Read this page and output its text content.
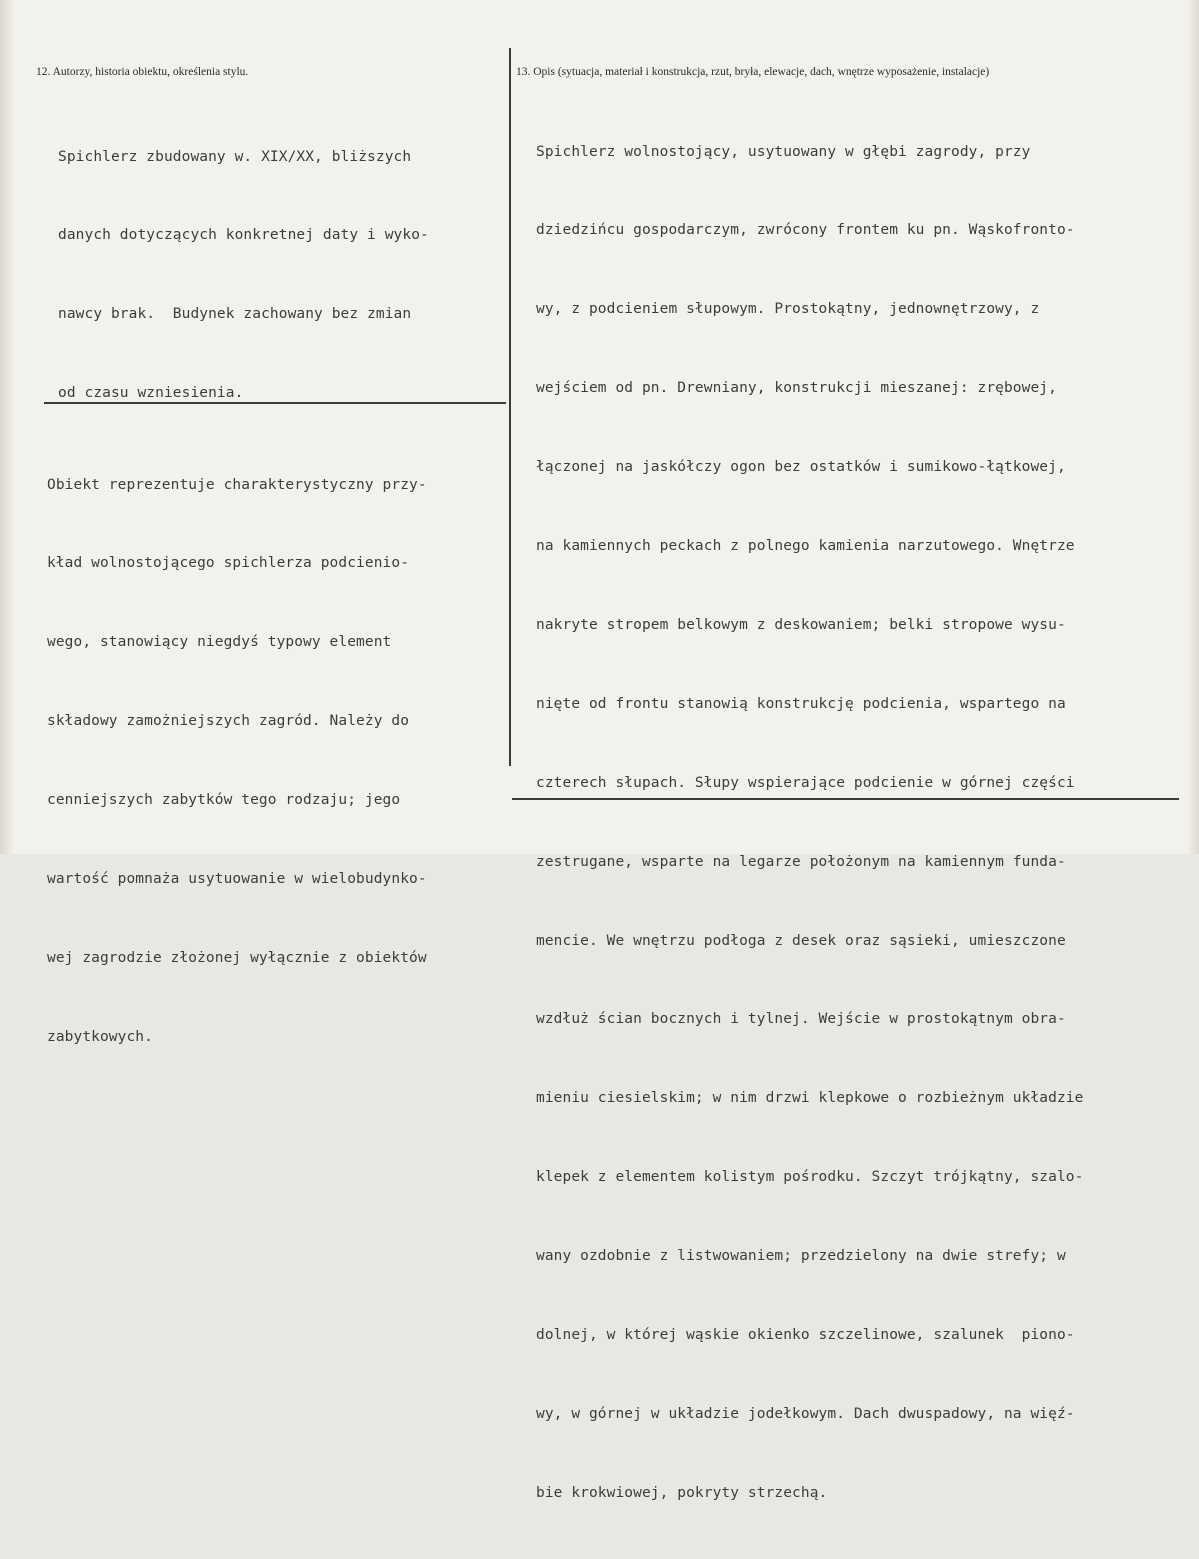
12. Autorzy, historia obiektu, określenia stylu.	13. Opis (sytuacja, materiał i konstrukcja, rzut, bryła, elewacje, dach, wnętrze wyposażenie, instalacje)

Spichlerz zbudowany w. XIX/XX, bliższych

danych dotyczących konkretnej daty i wyko-

nawcy brak.  Budynek zachowany bez zmian

od czasu wzniesienia.

Obiekt reprezentuje charakterystyczny przy-

kład wolnostojącego spichlerza podcienio-

wego, stanowiący niegdyś typowy element

składowy zamożniejszych zagród. Należy do

cenniejszych zabytków tego rodzaju; jego

wartość pomnaża usytuowanie w wielobudynko-

wej zagrodzie złożonej wyłącznie z obiektów

zabytkowych.

Spichlerz wolnostojący, usytuowany w głębi zagrody, przy

dziedzińcu gospodarczym, zwrócony frontem ku pn. Wąskofronto-

wy, z podcieniem słupowym. Prostokątny, jednownętrzowy, z

wejściem od pn. Drewniany, konstrukcji mieszanej: zrębowej,

łączonej na jaskółczy ogon bez ostatków i sumikowo-łątkowej,

na kamiennych peckach z polnego kamienia narzutowego. Wnętrze

nakryte stropem belkowym z deskowaniem; belki stropowe wysu-

nięte od frontu stanowią konstrukcję podcienia, wspartego na

czterech słupach. Słupy wspierające podcienie w górnej części

zestrugane, wsparte na legarze położonym na kamiennym funda-

mencie. We wnętrzu podłoga z desek oraz sąsieki, umieszczone

wzdłuż ścian bocznych i tylnej. Wejście w prostokątnym obra-

mieniu ciesielskim; w nim drzwi klepkowe o rozbieżnym układzie

klepek z elementem kolistym pośrodku. Szczyt trójkątny, szalo-

wany ozdobnie z listwowaniem; przedzielony na dwie strefy; w

dolnej, w której wąskie okienko szczelinowe, szalunek  piono-

wy, w górnej w układzie jodełkowym. Dach dwuspadowy, na więź-

bie krokwiowej, pokryty strzechą.
